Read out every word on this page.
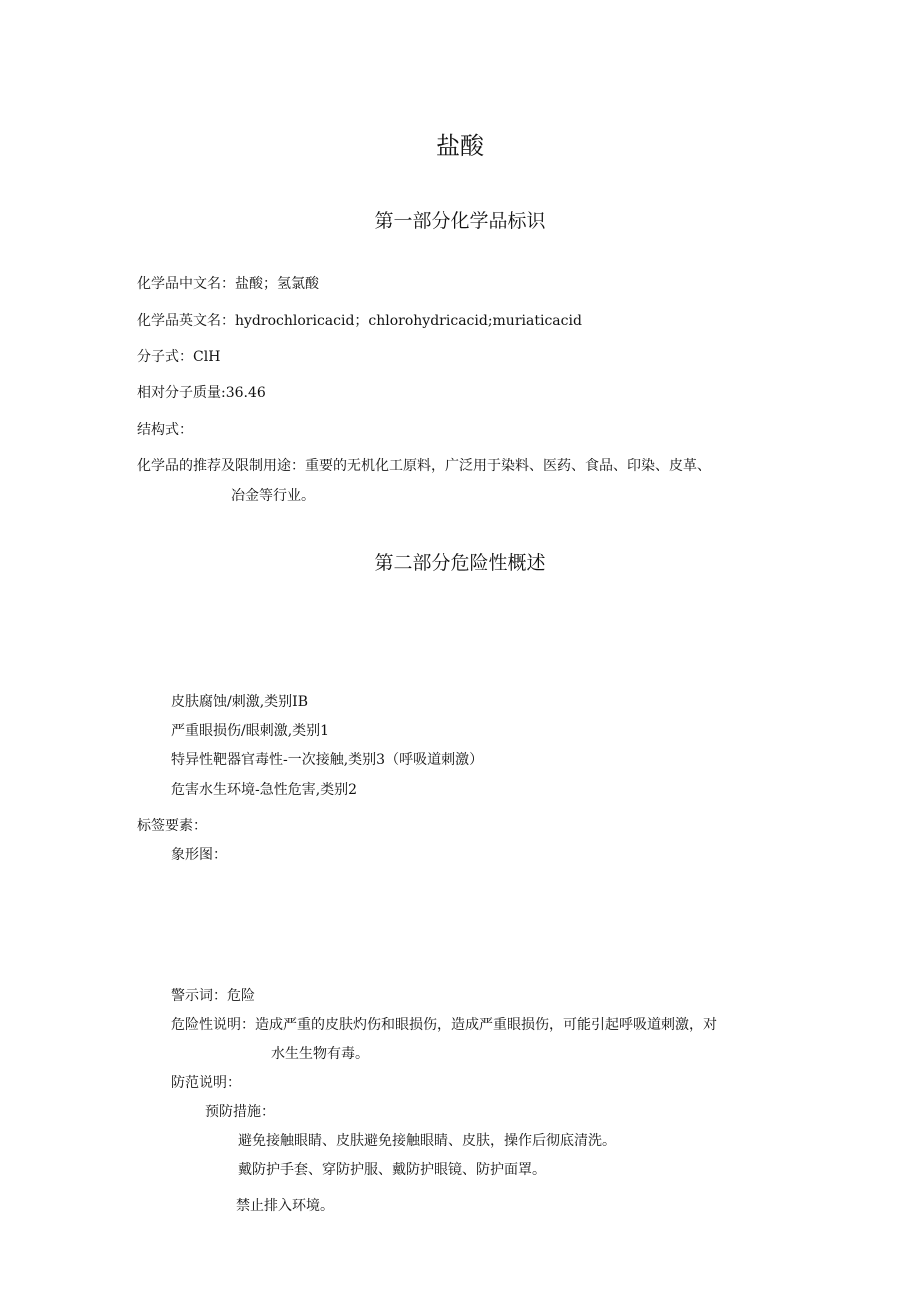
盐酸
第一部分化学品标识
化学品中文名：盐酸；氢氯酸
化学品英文名：hydrochloricacid；chlorohydricacid;muriaticacid
分子式：ClH
相对分子质量:36.46
结构式：
化学品的推荐及限制用途：重要的无机化工原料，广泛用于染料、医药、食品、印染、皮革、
冶金等行业。
第二部分危险性概述
皮肤腐蚀/刺激,类别IB
严重眼损伤/眼刺激,类别1
特异性靶器官毒性-一次接触,类别3（呼吸道刺激）
危害水生环境-急性危害,类别2
标签要素：
象形图：
警示词：危险
危险性说明：造成严重的皮肤灼伤和眼损伤，造成严重眼损伤，可能引起呼吸道刺激，对
水生生物有毒。
防范说明：
预防措施：
避免接触眼睛、皮肤避免接触眼睛、皮肤，操作后彻底清洗。
戴防护手套、穿防护服、戴防护眼镜、防护面罩。
禁止排入环境。
